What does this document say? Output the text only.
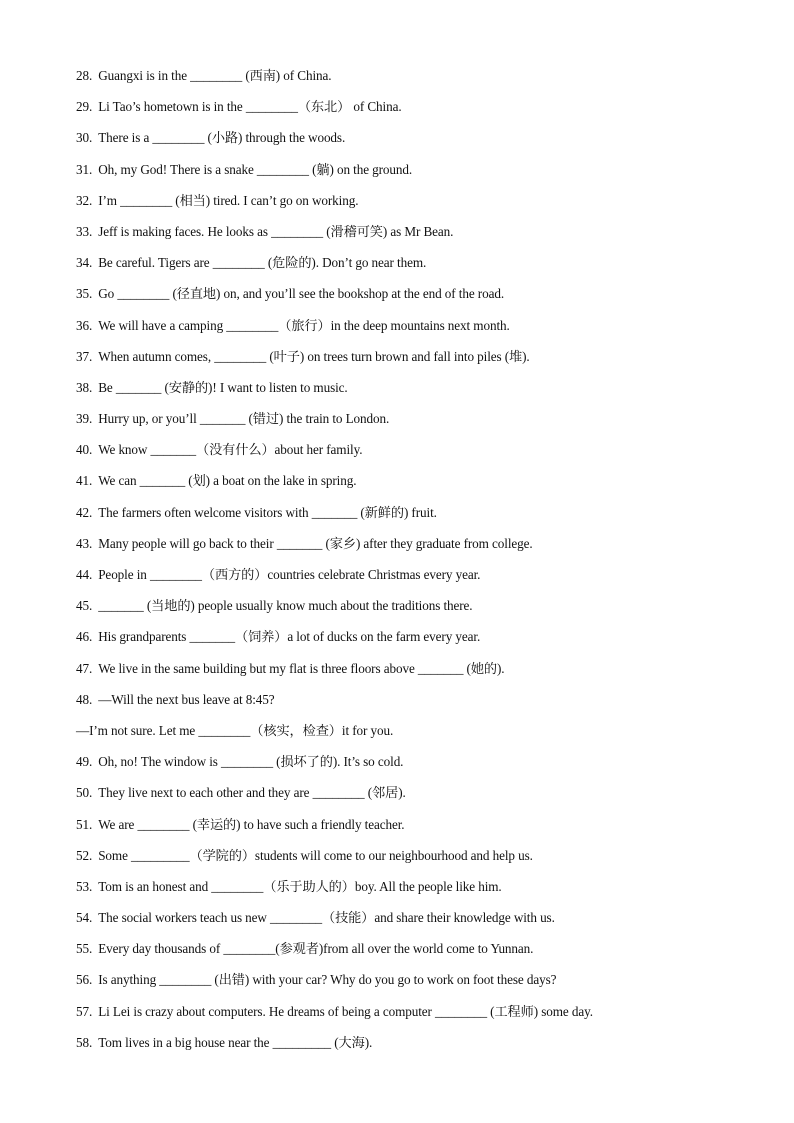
28. Guangxi is in the ________ (西南) of China.
29. Li Tao’s hometown is in the ________（东北） of China.
30. There is a ________ (小路) through the woods.
31. Oh, my God! There is a snake ________ (躺) on the ground.
32. I’m ________ (相当) tired. I can’t go on working.
33. Jeff is making faces. He looks as ________ (滑稽可笑) as Mr Bean.
34. Be careful. Tigers are ________ (危险的). Don’t go near them.
35. Go ________ (径直地) on, and you’ll see the bookshop at the end of the road.
36. We will have a camping ________（旅行）in the deep mountains next month.
37. When autumn comes, ________ (叶子) on trees turn brown and fall into piles (堆).
38. Be _______ (安静的)! I want to listen to music.
39. Hurry up, or you’ll _______ (错过) the train to London.
40. We know _______（没有什么）about her family.
41. We can _______ (划) a boat on the lake in spring.
42. The farmers often welcome visitors with _______ (新鲜的) fruit.
43. Many people will go back to their _______ (家乡) after they graduate from college.
44. People in ________（西方的）countries celebrate Christmas every year.
45. _______ (当地的) people usually know much about the traditions there.
46. His grandparents _______（饲养）a lot of ducks on the farm every year.
47. We live in the same building but my flat is three floors above _______ (她的).
48. —Will the next bus leave at 8:45?
—I’m not sure. Let me ________（核实，检查）it for you.
49. Oh, no! The window is ________ (损坏了的). It’s so cold.
50. They live next to each other and they are ________ (邻居).
51. We are ________ (幸运的) to have such a friendly teacher.
52. Some _________（学院的）students will come to our neighbourhood and help us.
53. Tom is an honest and ________（乐于助人的）boy. All the people like him.
54. The social workers teach us new ________（技能）and share their knowledge with us.
55. Every day thousands of ________(参观者)from all over the world come to Yunnan.
56. Is anything ________ (出错) with your car? Why do you go to work on foot these days?
57. Li Lei is crazy about computers. He dreams of being a computer ________ (工程师) some day.
58. Tom lives in a big house near the _________ (大海).
